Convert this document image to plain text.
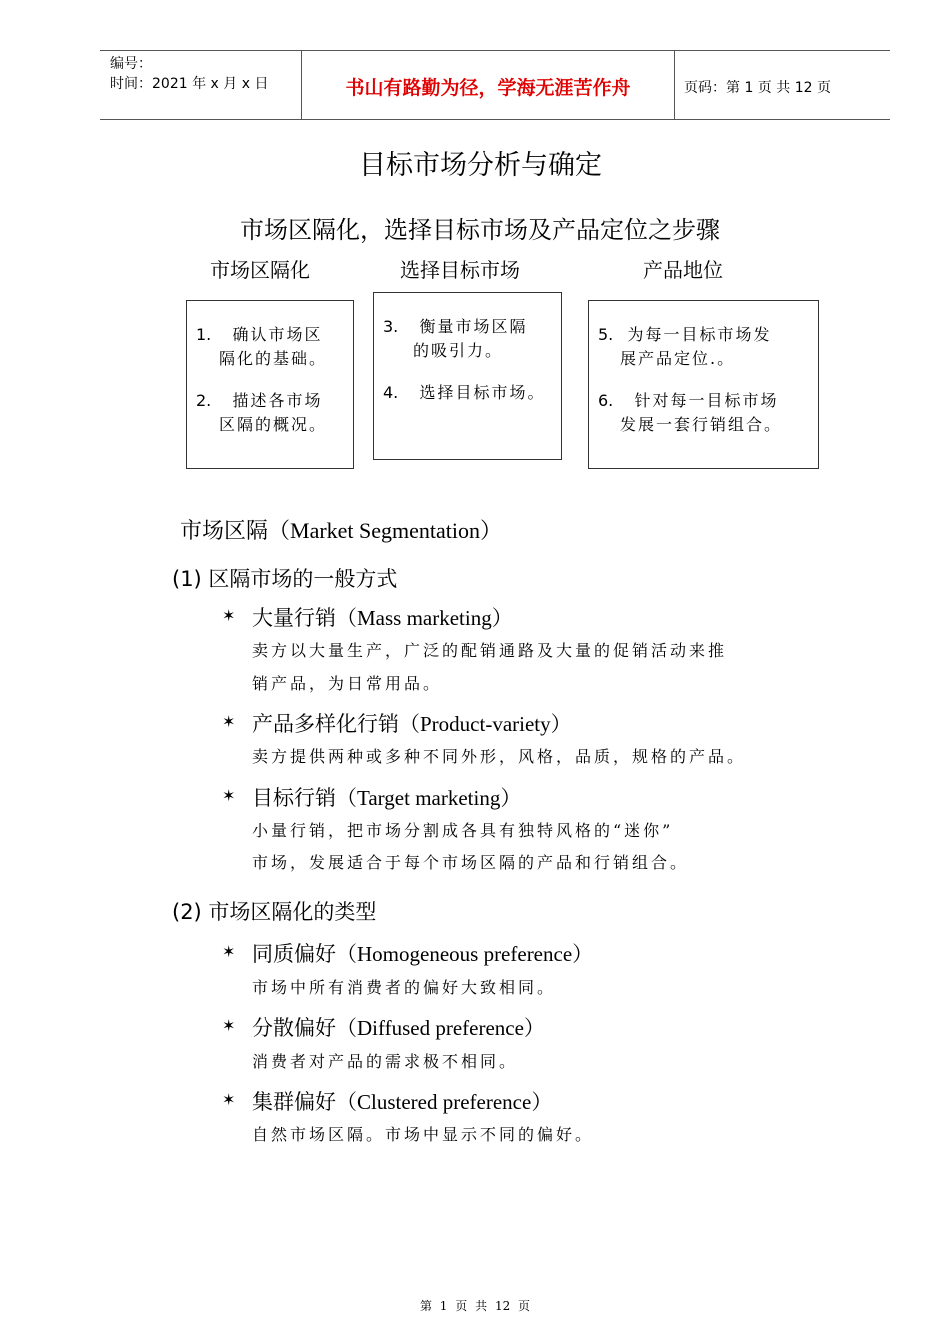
编号：
时间：2021 年 x 月 x 日	书山有路勤为径，学海无涯苦作舟	页码：第 1 页 共 12 页
目标市场分析与确定
市场区隔化，选择目标市场及产品定位之步骤
市场区隔化	选择目标市场	产品地位
1. 确认市场区
隔化的基础。
2. 描述各市场
区隔的概况。
3. 衡量市场区隔
的吸引力。
4. 选择目标市场。
5. 为每一目标市场发
展产品定位.。
6. 针对每一目标市场
发展一套行销组合。
市场区隔（Market Segmentation）
(1) 区隔市场的一般方式
✶ 大量行销（Mass marketing）
卖方以大量生产，广泛的配销通路及大量的促销活动来推
销产品，为日常用品。
✶ 产品多样化行销（Product-variety）
卖方提供两种或多种不同外形，风格，品质，规格的产品。
✶ 目标行销（Target marketing）
小量行销，把市场分割成各具有独特风格的“迷你”
市场，发展适合于每个市场区隔的产品和行销组合。
(2) 市场区隔化的类型
✶ 同质偏好（Homogeneous preference）
市场中所有消费者的偏好大致相同。
✶ 分散偏好（Diffused preference）
消费者对产品的需求极不相同。
✶ 集群偏好（Clustered preference）
自然市场区隔。市场中显示不同的偏好。
第 1 页 共 12 页
